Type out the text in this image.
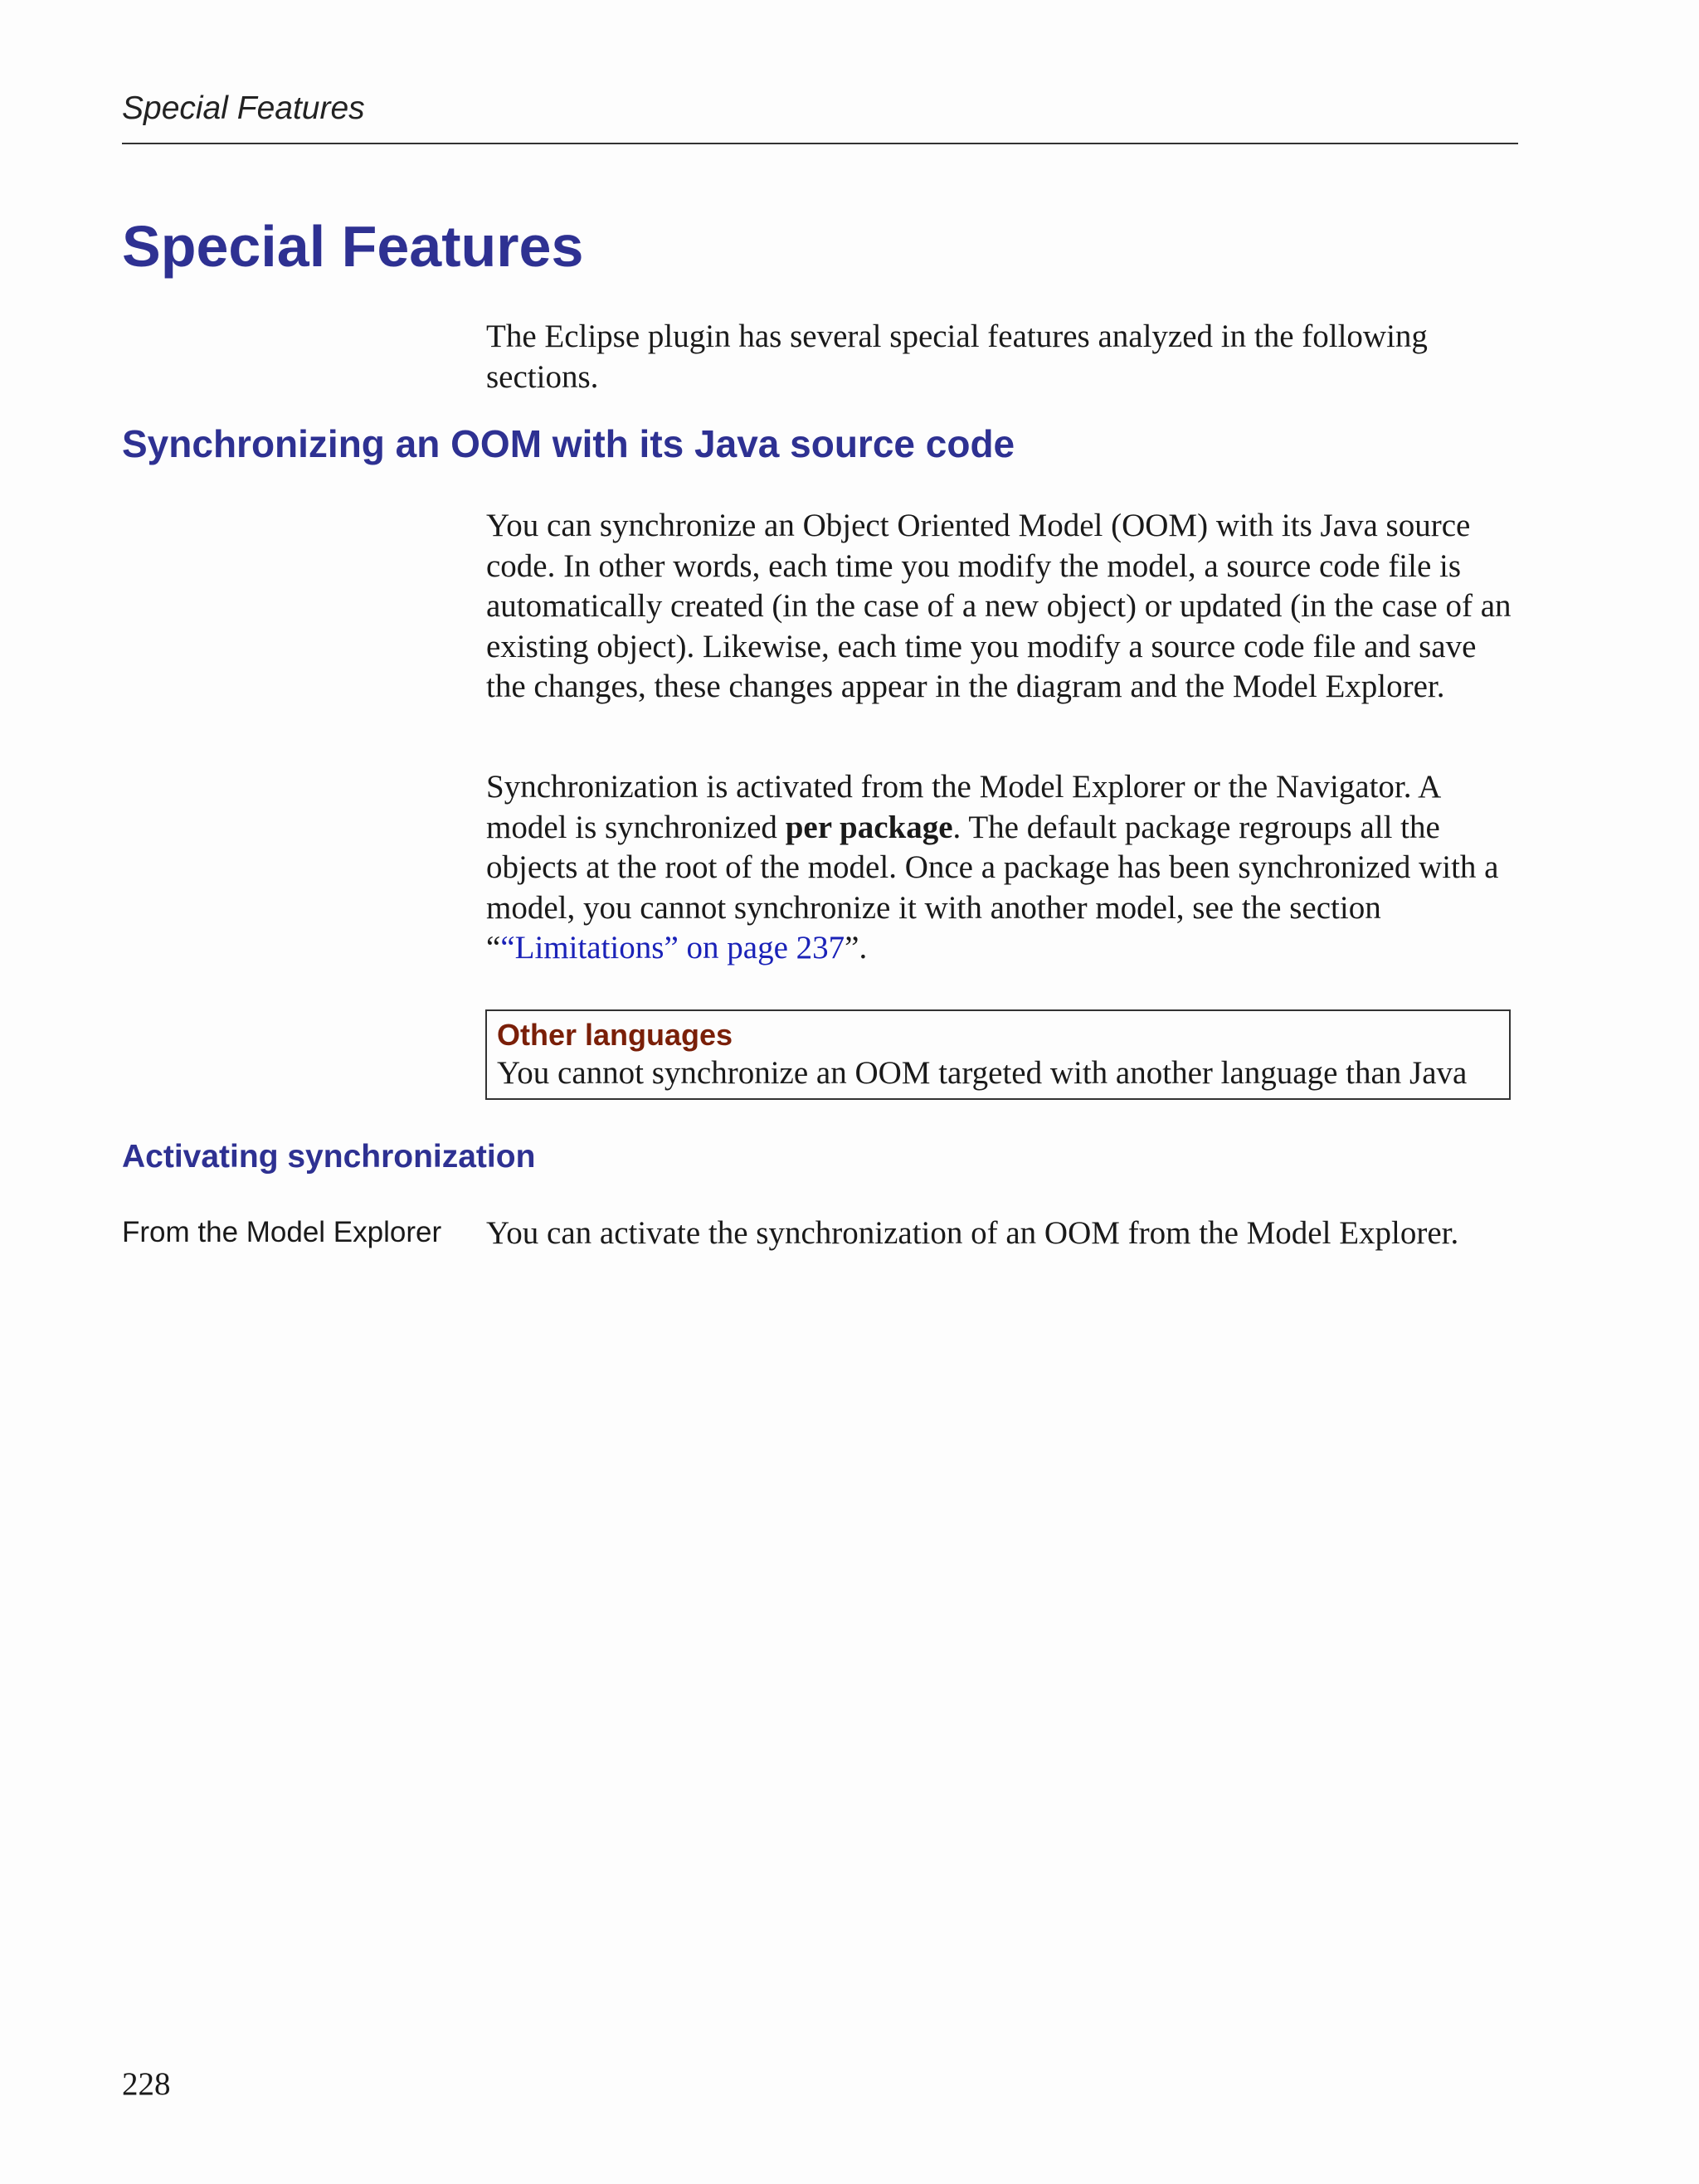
Special Features
Special Features

The Eclipse plugin has several special features analyzed in the following sections.

Synchronizing an OOM with its Java source code

You can synchronize an Object Oriented Model (OOM) with its Java source code. In other words, each time you modify the model, a source code file is automatically created (in the case of a new object) or updated (in the case of an existing object). Likewise, each time you modify a source code file and save the changes, these changes appear in the diagram and the Model Explorer.

Synchronization is activated from the Model Explorer or the Navigator. A model is synchronized per package. The default package regroups all the objects at the root of the model. Once a package has been synchronized with a model, you cannot synchronize it with another model, see the section ““Limitations” on page 237”.

Other languages
You cannot synchronize an OOM targeted with another language than Java
Activating synchronization
From the Model Explorer You can activate the synchronization of an OOM from the Model Explorer.

228
